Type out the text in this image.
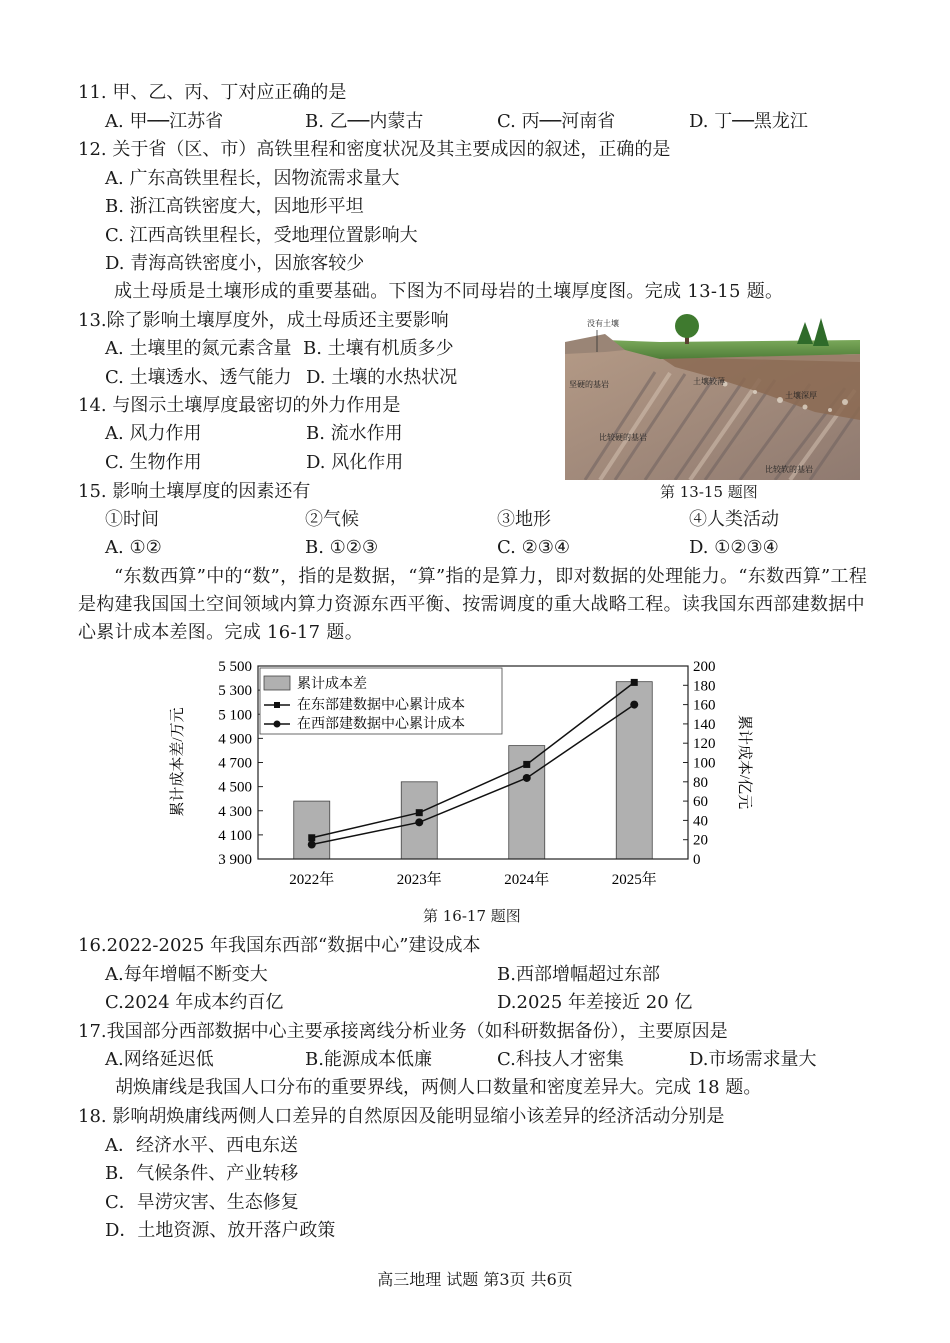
11. 甲、乙、丙、丁对应正确的是
A. 甲──江苏省	B. 乙──内蒙古	C. 丙──河南省	D. 丁──黑龙江
12. 关于省（区、市）高铁里程和密度状况及其主要成因的叙述，正确的是
A. 广东高铁里程长，因物流需求量大
B. 浙江高铁密度大，因地形平坦
C. 江西高铁里程长，受地理位置影响大
D. 青海高铁密度小，因旅客较少
成土母质是土壤形成的重要基础。下图为不同母岩的土壤厚度图。完成 13-15 题。
13.除了影响土壤厚度外，成土母质还主要影响
A. 土壤里的氮元素含量 B. 土壤有机质多少
C. 土壤透水、透气能力 D. 土壤的水热状况
14. 与图示土壤厚度最密切的外力作用是
A. 风力作用	B. 流水作用
C. 生物作用	D. 风化作用
没有土壤
坚硬的基岩	土壤较薄
土壤深厚
比较硬的基岩
比较软的基岩
第 13-15 题图
15. 影响土壤厚度的因素还有
①时间	②气候	③地形	④人类活动
A. ①②	B. ①②③	C. ②③④	D. ①②③④
“东数西算”中的“数”，指的是数据，“算”指的是算力，即对数据的处理能力。“东数西算”工程是构建我国国土空间领域内算力资源东西平衡、按需调度的重大战略工程。读我国东西部建数据中心累计成本差图。完成 16-17 题。
5 500
5 300
5 100
4 900
4 700
4 500
4 300
4 100
3 900
200
180
160
140
120
100
80
60
40
20
0
2022年	2023年	2024年	2025年
累计成本差/万元	累计成本/亿元
累计成本差
在东部建数据中心累计成本
在西部建数据中心累计成本
第 16-17 题图
16.2022-2025 年我国东西部“数据中心”建设成本
A.每年增幅不断变大	B.西部增幅超过东部
C.2024 年成本约百亿	D.2025 年差接近 20 亿
17.我国部分西部数据中心主要承接离线分析业务（如科研数据备份），主要原因是
A.网络延迟低	B.能源成本低廉	C.科技人才密集	D.市场需求量大
胡焕庸线是我国人口分布的重要界线，两侧人口数量和密度差异大。完成 18 题。
18. 影响胡焕庸线两侧人口差异的自然原因及能明显缩小该差异的经济活动分别是
A．经济水平、西电东送
B．气候条件、产业转移
C．旱涝灾害、生态修复
D．土地资源、放开落户政策
高三地理 试题 第3页 共6页
